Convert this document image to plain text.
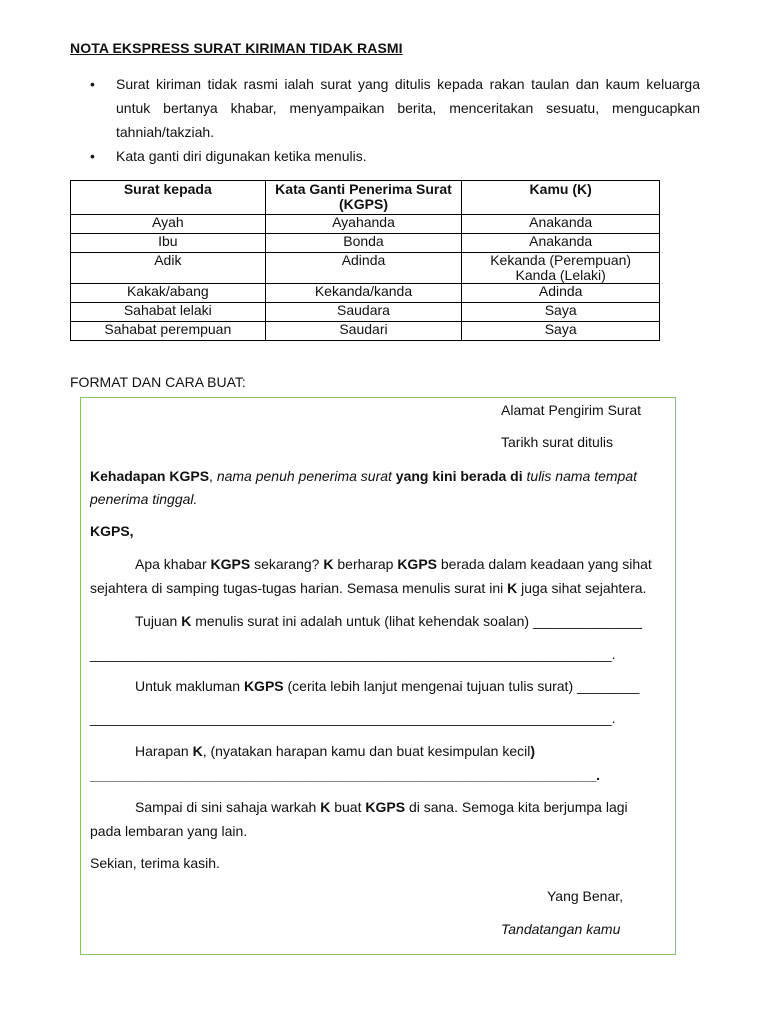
NOTA EKSPRESS SURAT KIRIMAN TIDAK RASMI
• Surat kiriman tidak rasmi ialah surat yang ditulis kepada rakan taulan dan kaum keluarga untuk bertanya khabar, menyampaikan berita, menceritakan sesuatu, mengucapkan tahniah/takziah.
• Kata ganti diri digunakan ketika menulis.
Surat kepada	Kata Ganti Penerima Surat (KGPS)	Kamu (K)
Ayah	Ayahanda	Anakanda
Ibu	Bonda	Anakanda
Adik	Adinda	Kekanda (Perempuan)
Kanda (Lelaki)

Kakak/abang	Kekanda/kanda	Adinda
Sahabat lelaki	Saudara	Saya
Sahabat perempuan	Saudari	Saya
FORMAT DAN CARA BUAT:
Alamat Pengirim Surat
Tarikh surat ditulis
Kehadapan KGPS, nama penuh penerima surat yang kini berada di tulis nama tempat
penerima tinggal.
KGPS,
Apa khabar KGPS sekarang? K berharap KGPS berada dalam keadaan yang sihat
sejahtera di samping tugas-tugas harian. Semasa menulis surat ini K juga sihat sejahtera.
Tujuan K menulis surat ini adalah untuk (lihat kehendak soalan) ______________
___________________________________________________________________.
Untuk makluman KGPS (cerita lebih lanjut mengenai tujuan tulis surat) ________
___________________________________________________________________.
Harapan K, (nyatakan harapan kamu dan buat kesimpulan kecil)
_________________________________________________________________.
Sampai di sini sahaja warkah K buat KGPS di sana. Semoga kita berjumpa lagi
pada lembaran yang lain.
Sekian, terima kasih.
Yang Benar,
Tandatangan kamu
